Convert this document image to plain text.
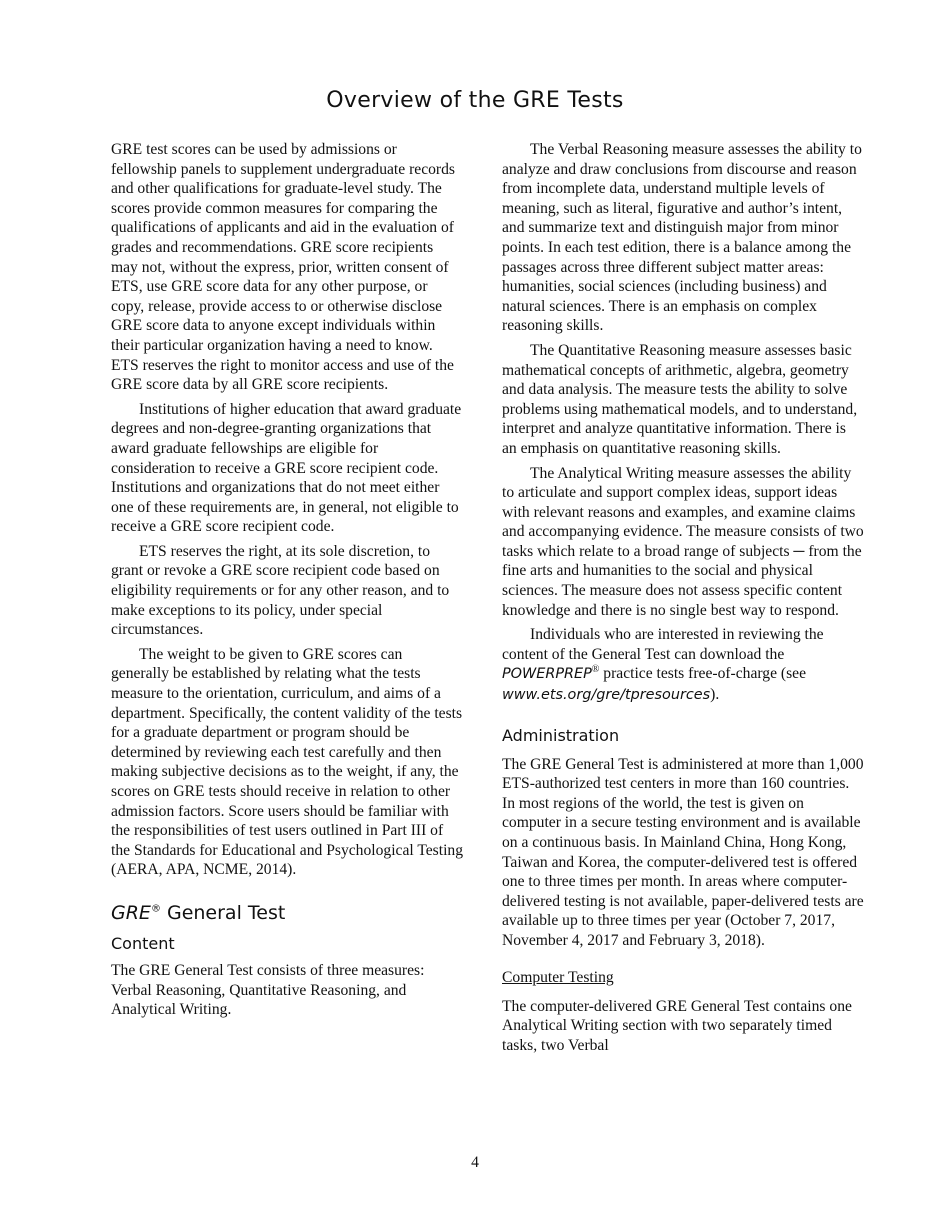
Overview of the GRE Tests

GRE test scores can be used by admissions or fellowship panels to supplement undergraduate records and other qualifications for graduate-level study. The scores provide common measures for comparing the qualifications of applicants and aid in the evaluation of grades and recommendations. GRE score recipients may not, without the express, prior, written consent of ETS, use GRE score data for any other purpose, or copy, release, provide access to or otherwise disclose GRE score data to anyone except individuals within their particular organization having a need to know. ETS reserves the right to monitor access and use of the GRE score data by all GRE score recipients.

Institutions of higher education that award graduate degrees and non-degree-granting organizations that award graduate fellowships are eligible for consideration to receive a GRE score recipient code. Institutions and organizations that do not meet either one of these requirements are, in general, not eligible to receive a GRE score recipient code.

ETS reserves the right, at its sole discretion, to grant or revoke a GRE score recipient code based on eligibility requirements or for any other reason, and to make exceptions to its policy, under special circumstances.

The weight to be given to GRE scores can generally be established by relating what the tests measure to the orientation, curriculum, and aims of a department. Specifically, the content validity of the tests for a graduate department or program should be determined by reviewing each test carefully and then making subjective decisions as to the weight, if any, the scores on GRE tests should receive in relation to other admission factors. Score users should be familiar with the responsibilities of test users outlined in Part III of the Standards for Educational and Psychological Testing (AERA, APA, NCME, 2014).

GRE® General Test
Content

The GRE General Test consists of three measures: Verbal Reasoning, Quantitative Reasoning, and Analytical Writing.

The Verbal Reasoning measure assesses the ability to analyze and draw conclusions from discourse and reason from incomplete data, understand multiple levels of meaning, such as literal, figurative and author’s intent, and summarize text and distinguish major from minor points. In each test edition, there is a balance among the passages across three different subject matter areas: humanities, social sciences (including business) and natural sciences. There is an emphasis on complex reasoning skills.

The Quantitative Reasoning measure assesses basic mathematical concepts of arithmetic, algebra, geometry and data analysis. The measure tests the ability to solve problems using mathematical models, and to understand, interpret and analyze quantitative information. There is an emphasis on quantitative reasoning skills.

The Analytical Writing measure assesses the ability to articulate and support complex ideas, support ideas with relevant reasons and examples, and examine claims and accompanying evidence. The measure consists of two tasks which relate to a broad range of subjects ─ from the fine arts and humanities to the social and physical sciences. The measure does not assess specific content knowledge and there is no single best way to respond.

Individuals who are interested in reviewing the content of the General Test can download the POWERPREP® practice tests free-of-charge (see www.ets.org/gre/tpresources).

Administration

The GRE General Test is administered at more than 1,000 ETS-authorized test centers in more than 160 countries. In most regions of the world, the test is given on computer in a secure testing environment and is available on a continuous basis. In Mainland China, Hong Kong, Taiwan and Korea, the computer-delivered test is offered one to three times per month. In areas where computer-delivered testing is not available, paper-delivered tests are available up to three times per year (October 7, 2017, November 4, 2017 and February 3, 2018).

Computer Testing

The computer-delivered GRE General Test contains one Analytical Writing section with two separately timed tasks, two Verbal

4
